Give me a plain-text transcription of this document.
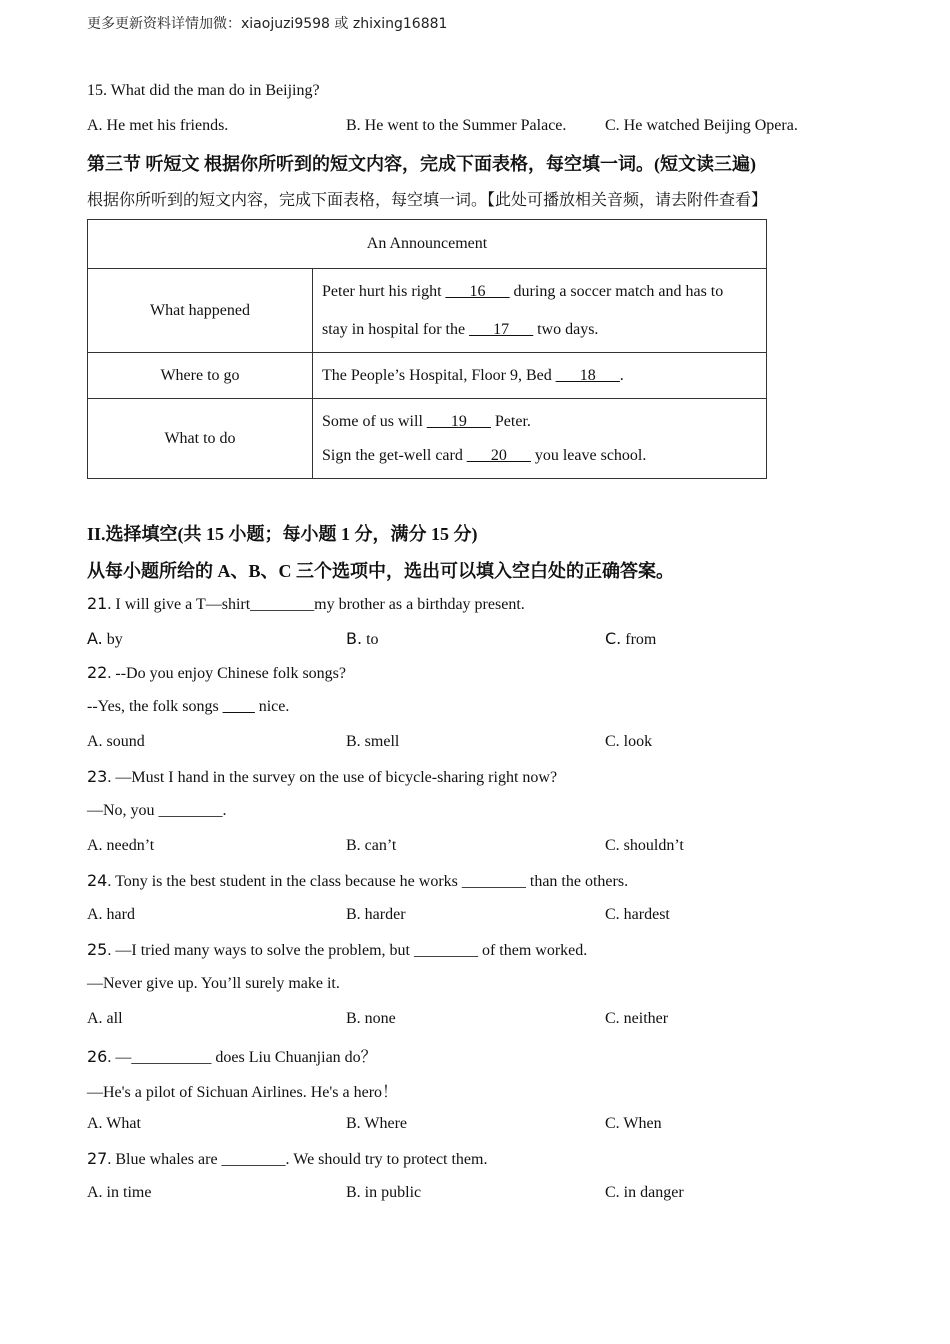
更多更新资料详情加微：xiaojuzi9598 或 zhixing16881
15. What did the man do in Beijing?
A. He met his friends.	B. He went to the Summer Palace. C. He watched Beijing Opera.
第三节 听短文 根据你所听到的短文内容，完成下面表格，每空填一词。(短文读三遍)
根据你所听到的短文内容，完成下面表格，每空填一词。【此处可播放相关音频，请去附件查看】
An Announcement	
What happened	Peter hurt his right ___16___ during a soccer match and has to
stay in hospital for the ___17___ two days.
Where to go	The People’s Hospital, Floor 9, Bed ___18___.
What to do	Some of us will ___19___ Peter.
Sign the get-well card ___20___ you leave school.
II.选择填空(共 15 小题；每小题 1 分，满分 15 分)
从每小题所给的 A、B、C 三个选项中，选出可以填入空白处的正确答案。
21. I will give a T—shirt________my brother as a birthday present.
A. by	B. to	C. from
22. --Do you enjoy Chinese folk songs?
--Yes, the folk songs ____ nice.
A. sound	B. smell	C. look
23. —Must I hand in the survey on the use of bicycle-sharing right now?
—No, you ________.
A. needn’t	B. can’t	C. shouldn’t
24. Tony is the best student in the class because he works ________ than the others.
A. hard	B. harder	C. hardest
25. —I tried many ways to solve the problem, but ________ of them worked.
—Never give up. You’ll surely make it.
A. all	B. none	C. neither
26. —__________ does Liu Chuanjian do？
—He's a pilot of Sichuan Airlines. He's a hero！
A. What	B. Where	C. When
27. Blue whales are ________. We should try to protect them.
A. in time	B. in public	C. in danger
